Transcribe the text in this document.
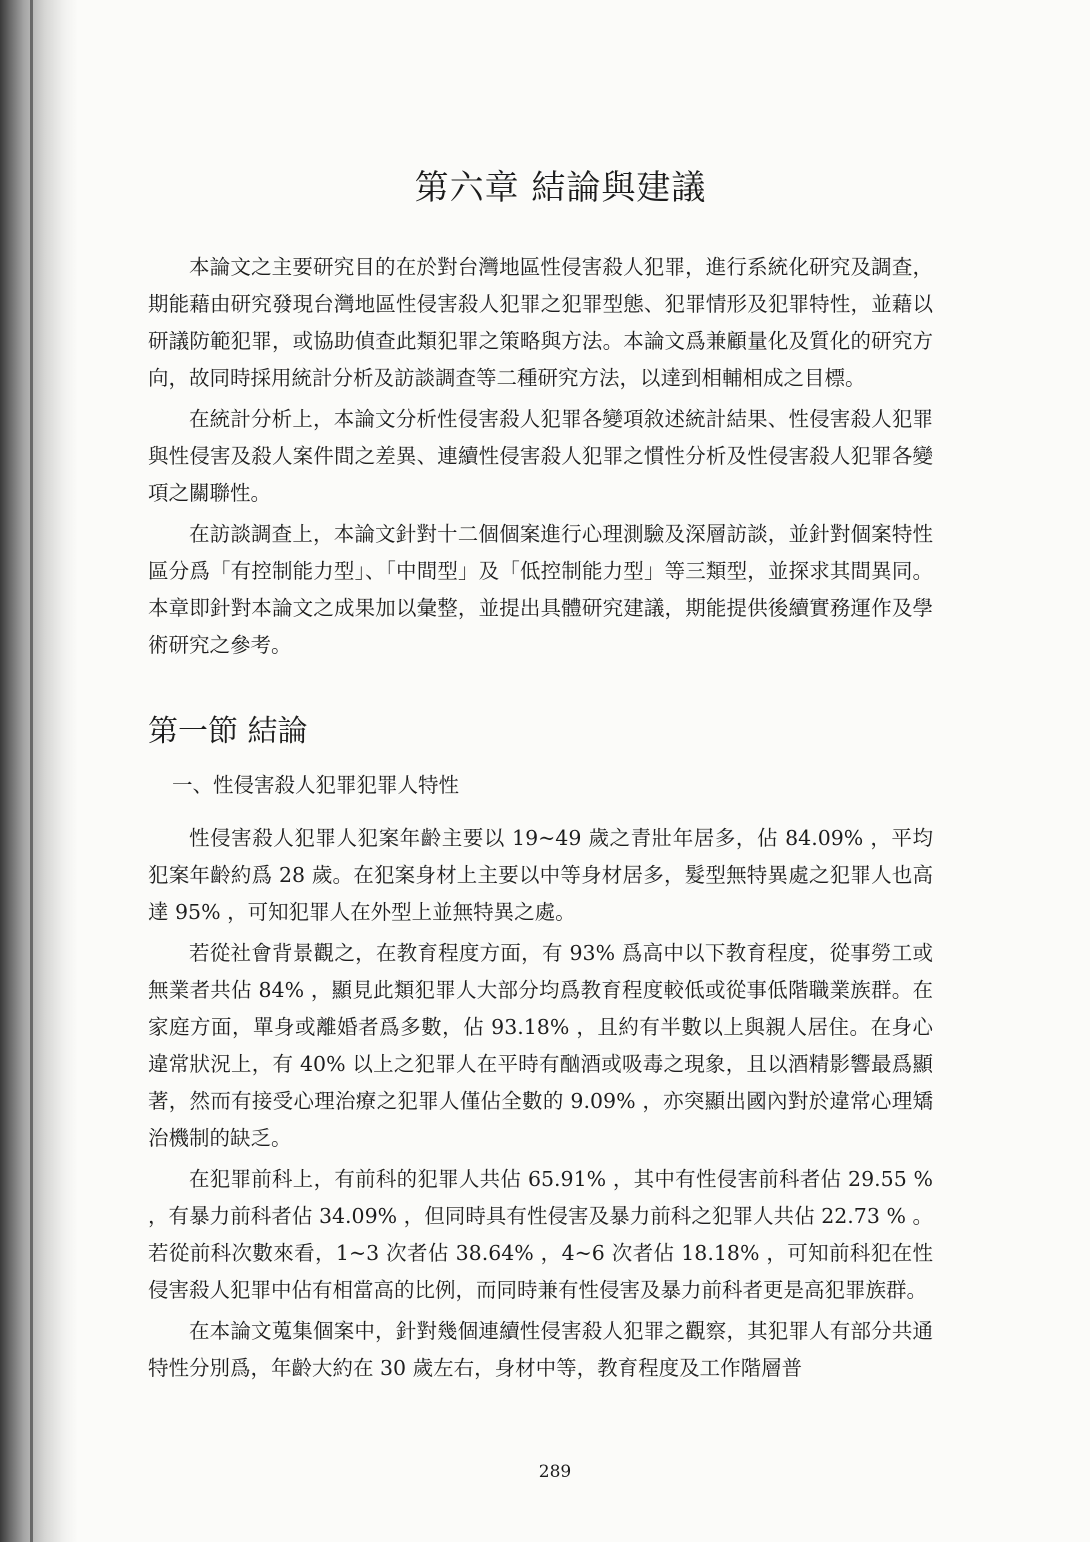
第六章 結論與建議

本論文之主要研究目的在於對台灣地區性侵害殺人犯罪，進行系統化研究及調查，期能藉由研究發現台灣地區性侵害殺人犯罪之犯罪型態、犯罪情形及犯罪特性，並藉以研議防範犯罪，或協助偵查此類犯罪之策略與方法。本論文爲兼顧量化及質化的研究方向，故同時採用統計分析及訪談調查等二種研究方法，以達到相輔相成之目標。

在統計分析上，本論文分析性侵害殺人犯罪各變項敘述統計結果、性侵害殺人犯罪與性侵害及殺人案件間之差異、連續性侵害殺人犯罪之慣性分析及性侵害殺人犯罪各變項之關聯性。

在訪談調查上，本論文針對十二個個案進行心理測驗及深層訪談，並針對個案特性區分爲「有控制能力型」、「中間型」及「低控制能力型」等三類型，並探求其間異同。本章即針對本論文之成果加以彙整，並提出具體研究建議，期能提供後續實務運作及學術研究之參考。

第一節 結論
一、性侵害殺人犯罪犯罪人特性

性侵害殺人犯罪人犯案年齡主要以 19~49 歲之青壯年居多，佔 84.09% ，平均犯案年齡約爲 28 歲。在犯案身材上主要以中等身材居多，髮型無特異處之犯罪人也高達 95% ，可知犯罪人在外型上並無特異之處。

若從社會背景觀之，在教育程度方面，有 93% 爲高中以下教育程度，從事勞工或無業者共佔 84% ，顯見此類犯罪人大部分均爲教育程度較低或從事低階職業族群。在家庭方面，單身或離婚者爲多數，佔 93.18% ，且約有半數以上與親人居住。在身心違常狀況上，有 40% 以上之犯罪人在平時有酗酒或吸毒之現象，且以酒精影響最爲顯著，然而有接受心理治療之犯罪人僅佔全數的 9.09% ，亦突顯出國內對於違常心理矯治機制的缺乏。

在犯罪前科上，有前科的犯罪人共佔 65.91% ，其中有性侵害前科者佔 29.55 % ，有暴力前科者佔 34.09% ，但同時具有性侵害及暴力前科之犯罪人共佔 22.73 % 。若從前科次數來看，1~3 次者佔 38.64% ，4~6 次者佔 18.18% ，可知前科犯在性侵害殺人犯罪中佔有相當高的比例，而同時兼有性侵害及暴力前科者更是高犯罪族群。

在本論文蒐集個案中，針對幾個連續性侵害殺人犯罪之觀察，其犯罪人有部分共通特性分別爲，年齡大約在 30 歲左右，身材中等，教育程度及工作階層普

289
